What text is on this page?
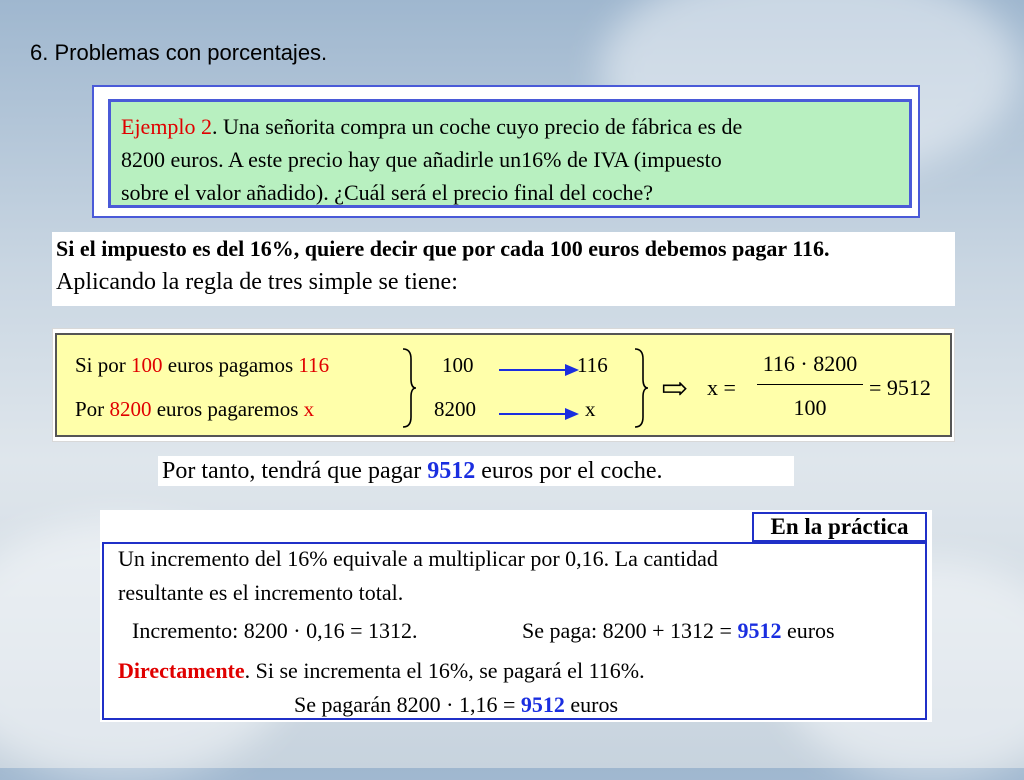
6. Problemas con porcentajes.
Ejemplo 2. Una señorita compra un coche cuyo precio de fábrica es de
8200 euros. A este precio hay que añadirle un16% de IVA (impuesto
sobre el valor añadido). ¿Cuál será el precio final del coche?
Si el impuesto es del 16%, quiere decir que por cada 100 euros debemos pagar 116.
Aplicando la regla de tres simple se tiene:
Si por 100 euros pagamos 116
Por 8200 euros pagaremos x
100
8200
116
x
⇨ x =
116 · 8200
100
= 9512
Por tanto, tendrá que pagar 9512 euros por el coche.
En la práctica
Un incremento del 16% equivale a multiplicar por 0,16. La cantidad
resultante es el incremento total.
Incremento: 8200 · 0,16 = 1312.	Se paga: 8200 + 1312 = 9512 euros
Directamente. Si se incrementa el 16%, se pagará el 116%.
Se pagarán 8200 · 1,16 = 9512 euros
